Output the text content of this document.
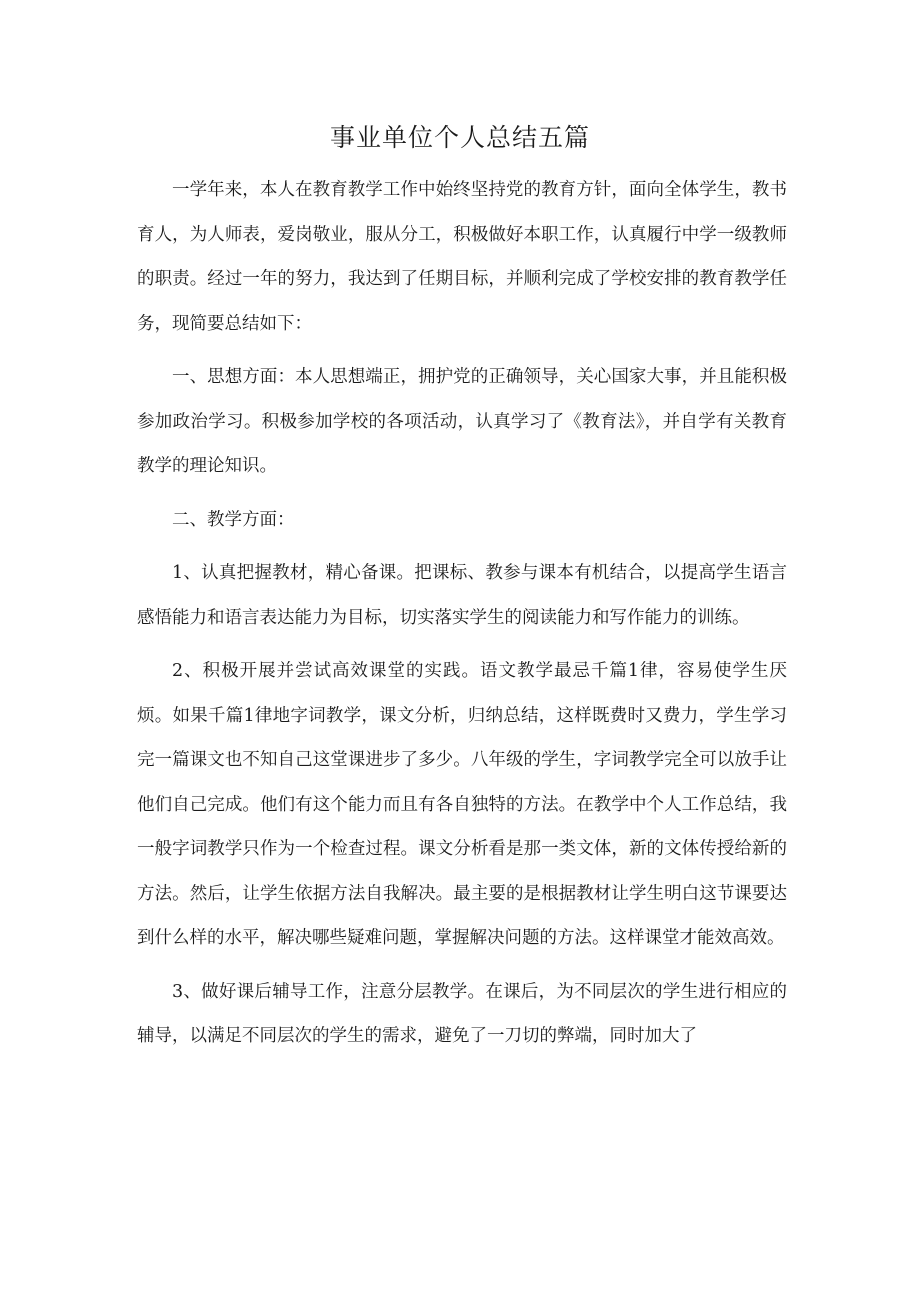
事业单位个人总结五篇

一学年来，本人在教育教学工作中始终坚持党的教育方针，面向全体学生，教书育人，为人师表，爱岗敬业，服从分工，积极做好本职工作，认真履行中学一级教师的职责。经过一年的努力，我达到了任期目标，并顺利完成了学校安排的教育教学任务，现简要总结如下：

一、思想方面：本人思想端正，拥护党的正确领导，关心国家大事，并且能积极参加政治学习。积极参加学校的各项活动，认真学习了《教育法》，并自学有关教育教学的理论知识。

二、教学方面：

1、认真把握教材，精心备课。把课标、教参与课本有机结合，以提高学生语言感悟能力和语言表达能力为目标，切实落实学生的阅读能力和写作能力的训练。

2、积极开展并尝试高效课堂的实践。语文教学最忌千篇1律，容易使学生厌烦。如果千篇1律地字词教学，课文分析，归纳总结，这样既费时又费力，学生学习完一篇课文也不知自己这堂课进步了多少。八年级的学生，字词教学完全可以放手让他们自己完成。他们有这个能力而且有各自独特的方法。在教学中个人工作总结，我一般字词教学只作为一个检查过程。课文分析看是那一类文体，新的文体传授给新的方法。然后，让学生依据方法自我解决。最主要的是根据教材让学生明白这节课要达到什么样的水平，解决哪些疑难问题，掌握解决问题的方法。这样课堂才能效高效。

3、做好课后辅导工作，注意分层教学。在课后，为不同层次的学生进行相应的辅导，以满足不同层次的学生的需求，避免了一刀切的弊端，同时加大了
